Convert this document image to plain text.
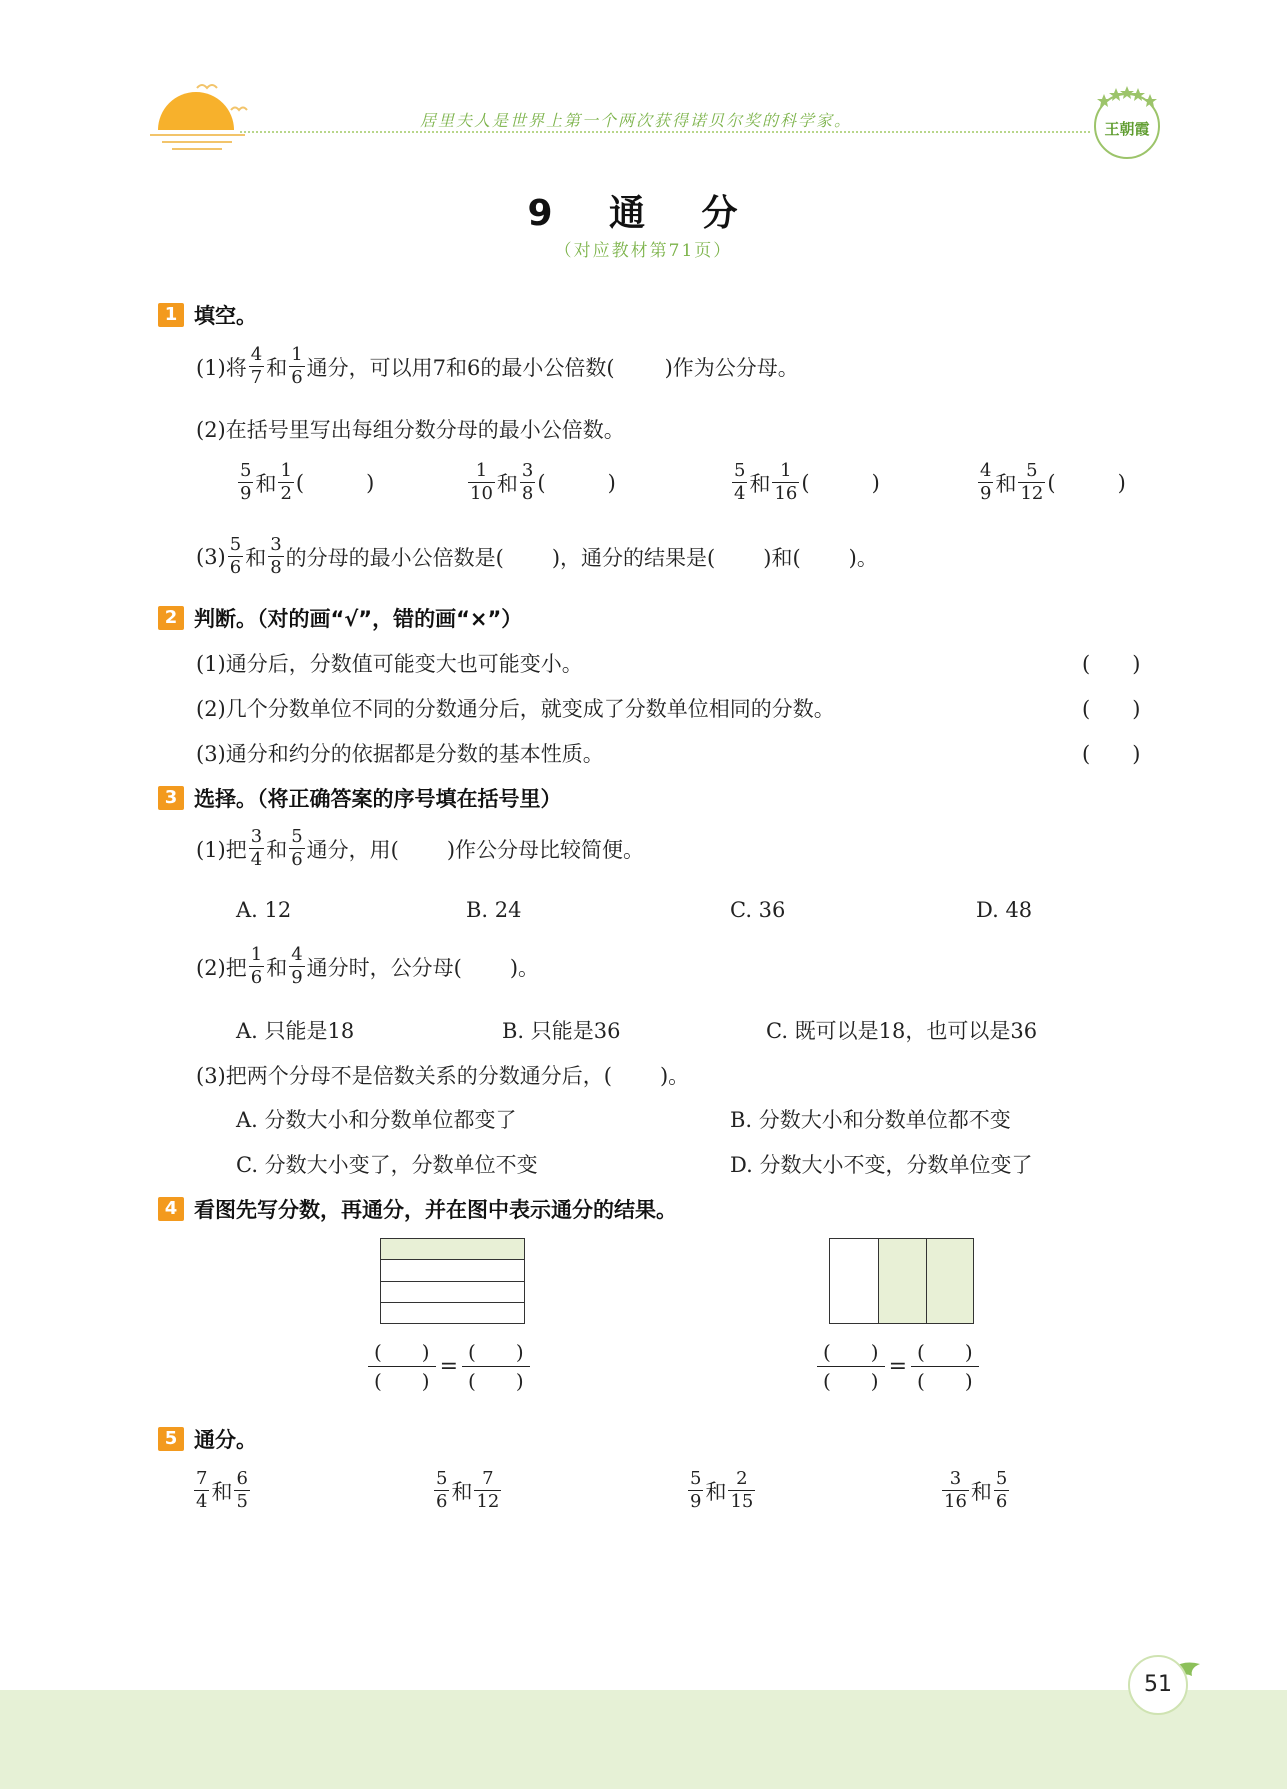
居里夫人是世界上第一个两次获得诺贝尔奖的科学家。	王朝霞
9 通 分
（对应教材第71页）
1 填空。
(1)将 $\frac{4}{7}$ 和 $\frac{1}{6}$ 通分，可以用7和6的最小公倍数( )作为公分母。
(2)在括号里写出每组分数分母的最小公倍数。
$\frac{5}{9}$ 和 $\frac{1}{2}$ (	)	$\frac{1}{10}$ 和 $\frac{3}{8}$ (	)	$\frac{5}{4}$ 和 $\frac{1}{16}$ (	)	$\frac{4}{9}$ 和 $\frac{5}{12}$ (	)
$(3) \frac{5}{6}$ 和 $\frac{3}{8}$ 的分母的最小公倍数是( )，通分的结果是( )和( )。
2 判断。（对的画“√”，错的画“×”）
(1)通分后，分数值可能变大也可能变小。	(　　)
(2)几个分数单位不同的分数通分后，就变成了分数单位相同的分数。	(　　)
(3)通分和约分的依据都是分数的基本性质。	(　　)
3 选择。（将正确答案的序号填在括号里）
(1)把 $\frac{3}{4}$ 和 $\frac{5}{6}$ 通分，用( )作公分母比较简便。
A. 12	B. 24	C. 36	D. 48
(2)把 $\frac{1}{6}$ 和 $\frac{4}{9}$ 通分时，公分母( )。
A. 只能是18	B. 只能是36	C. 既可以是18，也可以是36
(3)把两个分母不是倍数关系的分数通分后，( )。
A. 分数大小和分数单位都变了	B. 分数大小和分数单位都不变
C. 分数大小变了，分数单位不变	D. 分数大小不变，分数单位变了
4 看图先写分数，再通分，并在图中表示通分的结果。
(　　)
(　　)
=
(　　)
(　　)
(　　)
(　　)
=
(　　)
(　　)
5 通分。
$\frac{7}{4}$ 和 $\frac{6}{5}$	$\frac{5}{6}$ 和 $\frac{7}{12}$	$\frac{5}{9}$ 和 $\frac{2}{15}$	$\frac{3}{16}$ 和 $\frac{5}{6}$
51
